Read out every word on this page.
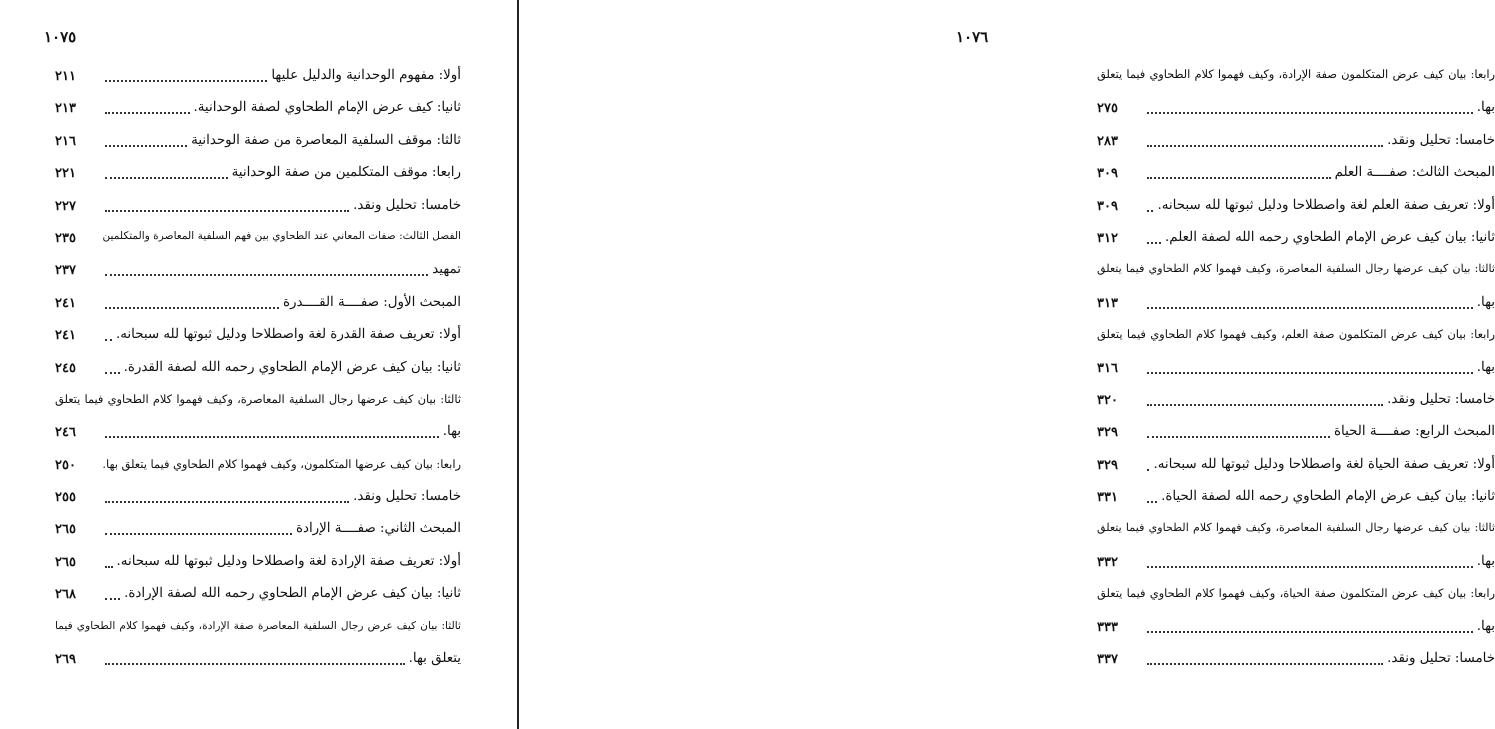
١٠٧٥
٢١١	أولا: مفهوم الوحدانية والدليل عليها
٢١٣	ثانيا: كيف عرض الإمام الطحاوي لصفة الوحدانية.
٢١٦	ثالثا: موقف السلفية المعاصرة من صفة الوحدانية
٢٢١	رابعا: موقف المتكلمين من صفة الوحدانية
٢٢٧	خامسا: تحليل ونقد.
٢٣٥	الفصل الثالث: صفات المعاني عند الطحاوي بين فهم السلفية المعاصرة والمتكلمين
٢٣٧	تمهيد
٢٤١	المبحث الأول: صفــــة القــــدرة
٢٤١	أولا: تعريف صفة القدرة لغة واصطلاحا ودليل ثبوتها لله سبحانه.
٢٤٥	ثانيا: بيان كيف عرض الإمام الطحاوي رحمه الله لصفة القدرة.
ثالثا: بيان كيف عرضها رجال السلفية المعاصرة، وكيف فهموا كلام الطحاوي فيما يتعلق
٢٤٦	بها.
٢٥٠	رابعا: بيان كيف عرضها المتكلمون، وكيف فهموا كلام الطحاوي فيما يتعلق بها.
٢٥٥	خامسا: تحليل ونقد.
٢٦٥	المبحث الثاني: صفــــة الإرادة
٢٦٥	أولا: تعريف صفة الإرادة لغة واصطلاحا ودليل ثبوتها لله سبحانه.
٢٦٨	ثانيا: بيان كيف عرض الإمام الطحاوي رحمه الله لصفة الإرادة.
ثالثا: بيان كيف عرض رجال السلفية المعاصرة صفة الإرادة، وكيف فهموا كلام الطحاوي فيما
٢٦٩	يتعلق بها.
١٠٧٦
رابعا: بيان كيف عرض المتكلمون صفة الإرادة، وكيف فهموا كلام الطحاوي فيما يتعلق
٢٧٥	بها.
٢٨٣	خامسا: تحليل ونقد.
٣٠٩	المبحث الثالث: صفــــة العلم
٣٠٩	أولا: تعريف صفة العلم لغة واصطلاحا ودليل ثبوتها لله سبحانه.
٣١٢	ثانيا: بيان كيف عرض الإمام الطحاوي رحمه الله لصفة العلم.
ثالثا: بيان كيف عرضها رجال السلفية المعاصرة، وكيف فهموا كلام الطحاوي فيما يتعلق
٣١٣	بها.
رابعا: بيان كيف عرض المتكلمون صفة العلم، وكيف فهموا كلام الطحاوي فيما يتعلق
٣١٦	بها.
٣٢٠	خامسا: تحليل ونقد.
٣٢٩	المبحث الرابع: صفــــة الحياة
٣٢٩	أولا: تعريف صفة الحياة لغة واصطلاحا ودليل ثبوتها لله سبحانه.
٣٣١	ثانيا: بيان كيف عرض الإمام الطحاوي رحمه الله لصفة الحياة.
ثالثا: بيان كيف عرضها رجال السلفية المعاصرة، وكيف فهموا كلام الطحاوي فيما يتعلق
٣٣٢	بها.
رابعا: بيان كيف عرض المتكلمون صفة الحياة، وكيف فهموا كلام الطحاوي فيما يتعلق
٣٣٣	بها.
٣٣٧	خامسا: تحليل ونقد.
